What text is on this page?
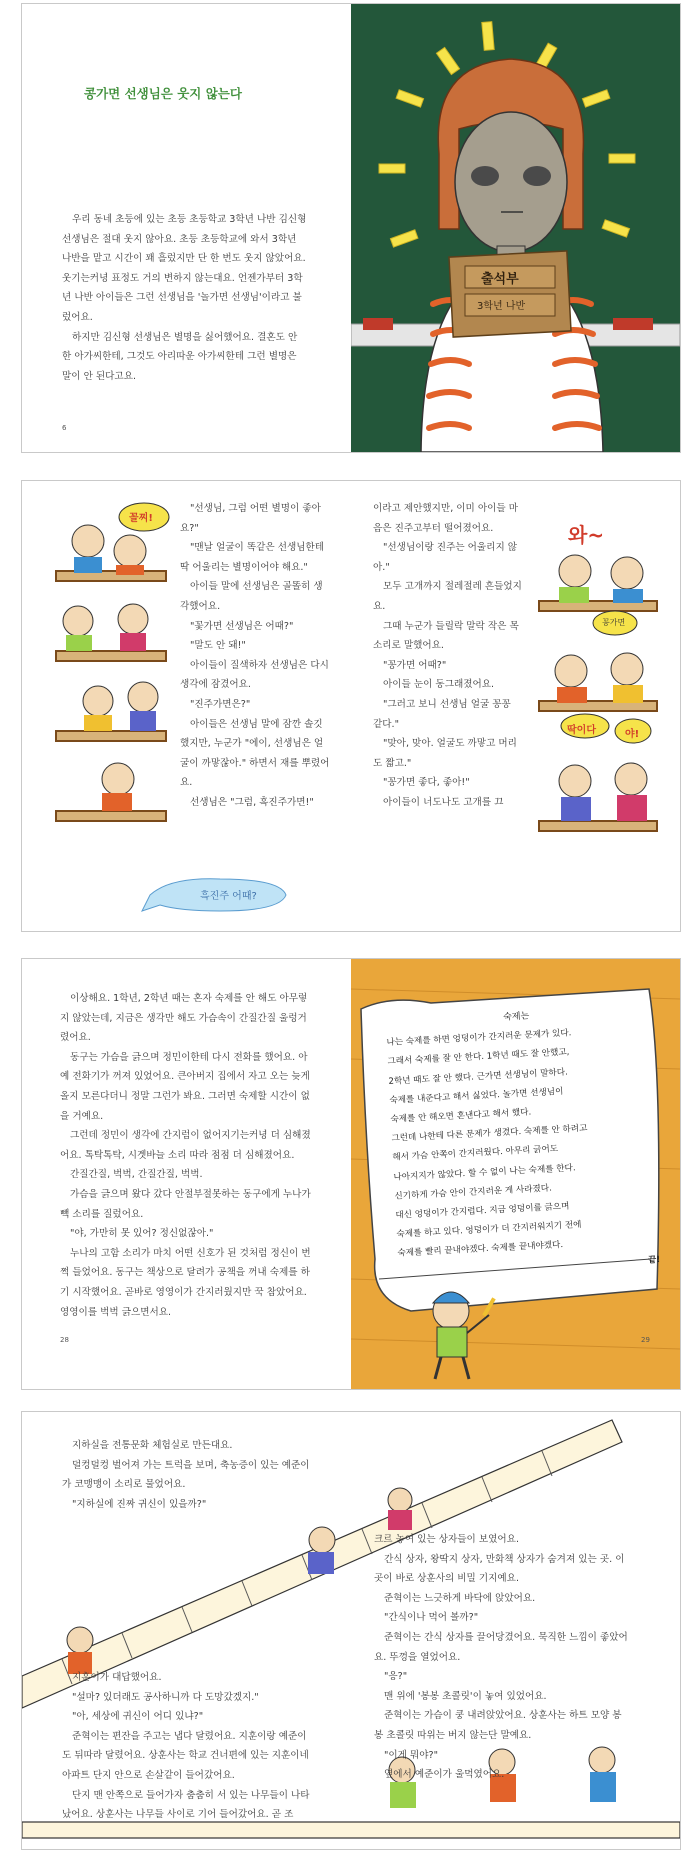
콩가면 선생님은 웃지 않는다

우리 동네 초등에 있는 초등 초등학교 3학년 나반 김신형 선생님은 절대 웃지 않아요. 초등 초등학교에 와서 3학년 나반을 맡고 시간이 꽤 흘렀지만 단 한 번도 웃지 않았어요. 웃기는커녕 표정도 거의 변하지 않는대요. 언젠가부터 3학년 나반 아이들은 그런 선생님을 '놀가면 선생님'이라고 불렀어요.

하지만 김신형 선생님은 별명을 싫어했어요. 결혼도 안 한 아가씨한테, 그것도 아리따운 아가씨한테 그런 별명은 말이 안 된다고요.

6
출석부
3학년 나반
꼴찌!
흑진주 어때?

"선생님, 그럼 어떤 별명이 좋아요?"

"맨날 얼굴이 똑같은 선생님한테 딱 어울리는 별명이어야 해요."

아이들 말에 선생님은 골똘히 생각했어요.

"꽃가면 선생님은 어때?"

"말도 안 돼!"

아이들이 질색하자 선생님은 다시 생각에 잠겼어요.

"진주가면은?"

아이들은 선생님 말에 잠깐 솔깃했지만, 누군가 "에이, 선생님은 얼굴이 까맣잖아." 하면서 재를 뿌렸어요.

선생님은 "그럼, 흑진주가면!"

이라고 제안했지만, 이미 아이들 마음은 진주고부터 떨어졌어요.

"선생님이랑 진주는 어울리지 않아."

모두 고개까지 절레절레 흔들었지요.

그때 누군가 들릴락 말락 작은 목소리로 말했어요.

"꽁가면 어때?"

아이들 눈이 동그래졌어요.

"그러고 보니 선생님 얼굴 꽁꽁 같다."

"맞아, 맞아. 얼굴도 까맣고 머리도 짧고."

"꽁가면 좋다, 좋아!"

아이들이 너도나도 고개를 끄

와~
꽁가면
딱이다	야!

이상해요. 1학년, 2학년 때는 혼자 숙제를 안 해도 아무렇지 않았는데, 지금은 생각만 해도 가슴속이 간질간질 울렁거렸어요.

동구는 가슴을 긁으며 정민이한테 다시 전화를 했어요. 아예 전화기가 꺼져 있었어요. 큰아버지 집에서 자고 오는 늦게 올지 모른다더니 정말 그런가 봐요. 그러면 숙제할 시간이 없을 거예요.

그런데 정민이 생각에 간지럼이 없어지기는커녕 더 심해졌어요. 톡탁톡탁, 시곗바늘 소리 따라 점점 더 심해졌어요.

간질간질, 벅벅, 간질간질, 벅벅.

가슴을 긁으며 왔다 갔다 안절부절못하는 동구에게 누나가 빽 소리를 질렀어요.

"야, 가만히 못 있어? 정신없잖아."

누나의 고함 소리가 마치 어떤 신호가 된 것처럼 정신이 번쩍 들었어요. 동구는 책상으로 달려가 공책을 꺼내 숙제를 하기 시작했어요. 곧바로 영영이가 간지러웠지만 꾹 참았어요. 영영이를 벅벅 긁으면서요.

28
숙제는
나는 숙제를 하면 엉덩이가 간지러운 문제가 있다.
그래서 숙제를 잘 안 한다. 1학년 때도 잘 안했고,
2학년 때도 잘 안 했다. 근가면 선생님이 말하다.
숙제를 내준다고 해서 싫었다. 놀가면 선생님이
숙제를 안 해오면 혼낸다고 해서 했다.
그런데 나한테 다른 문제가 생겼다. 숙제를 안 하려고
해서 가슴 안쪽이 간지러웠다. 아무리 긁어도
나아지지가 않았다. 할 수 없이 나는 숙제를 한다.
신기하게 가슴 안이 간지러운 게 사라졌다.
대신 엉덩이가 간지럽다. 지금 엉덩이를 긁으며
숙제를 하고 있다. 엉덩이가 더 간지러워지기 전에
숙제를 빨리 끝내야겠다. 숙제를 끝내야겠다.
끝!
29

지하실을 전통문화 체험실로 만든대요.

덜컹덜컹 벌어져 가는 트럭을 보며, 축농증이 있는 예준이가 코맹맹이 소리로 물었어요.

"지하실에 진짜 귀신이 있을까?"

지훈이가 대답했어요.

"설마? 있더래도 공사하니까 다 도망갔겠지."

"아, 세상에 귀신이 어디 있냐?"

준혁이는 편잔을 주고는 냅다 달렸어요. 지훈이랑 예준이도 뒤따라 달렸어요. 상훈사는 학교 건너편에 있는 지훈이네 아파트 단지 안으로 손살같이 들어갔어요.

단지 맨 안쪽으로 들어가자 춤춤히 서 있는 나무들이 나타났어요. 상훈사는 나무들 사이로 기어 들어갔어요. 곧 조

크르 놓여 있는 상자들이 보였어요.

간식 상자, 왕딱지 상자, 만화책 상자가 숨겨져 있는 곳. 이곳이 바로 상훈사의 비밀 기지예요.

준혁이는 느긋하게 바닥에 앉았어요.

"간식이나 먹어 볼까?"

준혁이는 간식 상자를 끌어당겼어요. 묵직한 느낌이 좋았어요. 뚜껑을 열었어요.

"응?"

맨 위에 '봉봉 초콜릿'이 놓여 있었어요.

준혁이는 가슴이 쿵 내려앉았어요. 상훈사는 하트 모양 봉봉 초콜릿 따위는 버지 않는단 말예요.

"이게 뭐야?"

옆에서 예준이가 울먹였어요.
